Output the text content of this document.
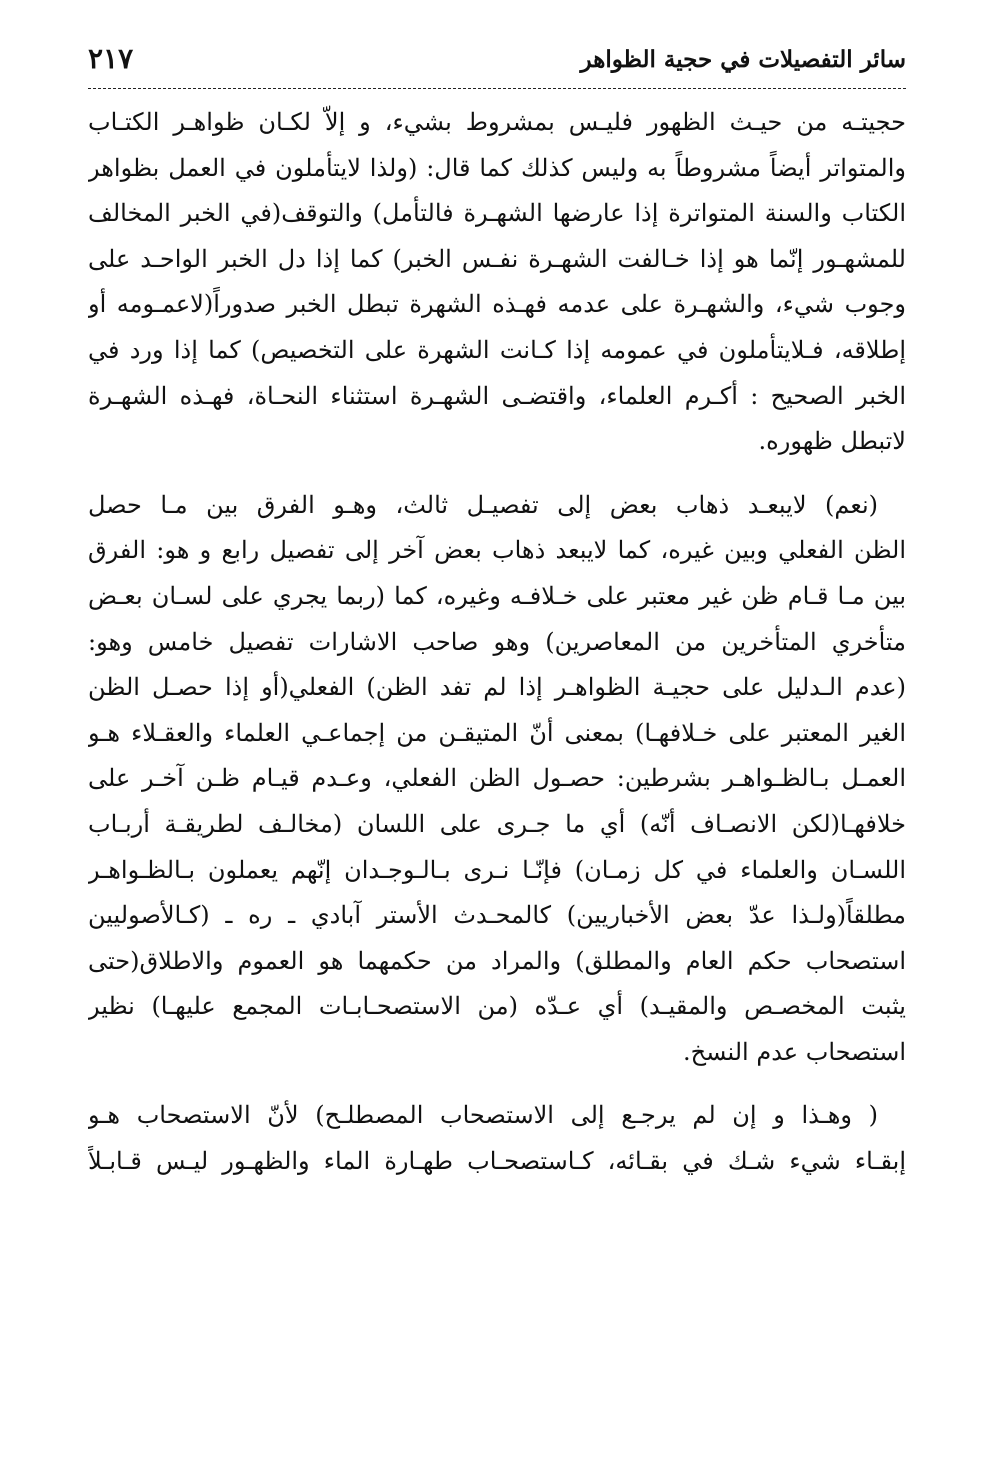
سائر التفصيلات في حجية الظواهر
٢١٧
حجيتـه من حيـث الظهور فليـس بمشروط بشيء، و إلاّ لكـان ظواهـر الكتـاب
والمتواتر أيضاً مشروطاً به وليس كذلك كما قال: (ولذا لايتأملون في العمل بظواهر
الكتاب والسنة المتواترة إذا عارضها الشهـرة فالتأمل) والتوقف(في الخبر المخالف
للمشهـور إنّما هو إذا خـالفت الشهـرة نفـس الخبر) كما إذا دل الخبر الواحـد على
وجوب شيء، والشهـرة على عدمه فهـذه الشهرة تبطل الخبر صدوراً(لاعمـومه أو
إطلاقه، فـلايتأملون في عمومه إذا كـانت الشهرة على التخصيص) كما إذا ورد في
الخبر الصحيح : أكـرم العلماء، واقتضـى الشهـرة استثناء النحـاة، فهـذه الشهـرة
لاتبطل ظهوره.
(نعم) لايبعـد ذهاب بعض إلى تفصيـل ثالث، وهـو الفرق بين مـا حصل
الظن الفعلي وبين غيره، كما لايبعد ذهاب بعض آخر إلى تفصيل رابع و هو: الفرق
بين مـا قـام ظن غير معتبر على خـلافـه وغيره، كما (ربما يجري على لسـان بعـض
متأخري المتأخرين من المعاصرين) وهو صاحب الاشارات تفصيل خامس وهو:
(عدم الـدليل على حجيـة الظواهـر إذا لم تفد الظن) الفعلي(أو إذا حصـل الظن
الغير المعتبر على خـلافهـا) بمعنى أنّ المتيقـن من إجماعـي العلماء والعقـلاء هـو
العمـل بـالظـواهـر بشرطين: حصـول الظن الفعلي، وعـدم قيـام ظـن آخـر على
خلافهـا(لكن الانصـاف أنّه) أي ما جـرى على اللسان (مخالـف لطريقـة أربـاب
اللسـان والعلماء في كل زمـان) فإنّـا نـرى بـالـوجـدان إنّهم يعملون بـالظـواهـر
مطلقاً(ولـذا عدّ بعض الأخباريين) كالمحـدث الأستر آبادي ـ ره ـ (كـالأصوليين
استصحاب حكم العام والمطلق) والمراد من حكمهما هو العموم والاطلاق(حتى
يثبت المخصـص والمقيـد) أي عـدّه (من الاستصحـابـات المجمع عليهـا) نظير
استصحاب عدم النسخ.
( وهـذا و إن لم يرجـع إلى الاستصحاب المصطلـح) لأنّ الاستصحاب هـو
إبقـاء شيء شـك في بقـائه، كـاستصحـاب طهـارة الماء والظهـور ليـس قـابـلاً
